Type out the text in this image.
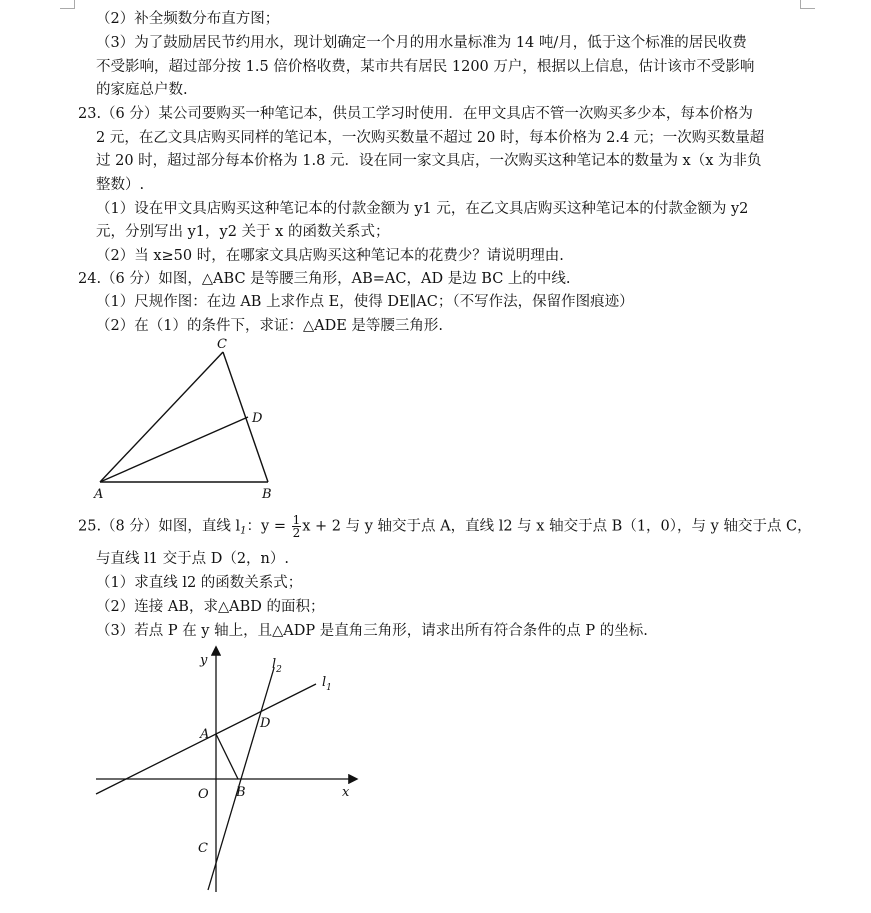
（2）补全频数分布直方图；
（3）为了鼓励居民节约用水，现计划确定一个月的用水量标准为 14 吨/月，低于这个标准的居民收费
不受影响，超过部分按 1.5 倍价格收费，某市共有居民 1200 万户，根据以上信息，估计该市不受影响
的家庭总户数.
23.（6 分）某公司要购买一种笔记本，供员工学习时使用．在甲文具店不管一次购买多少本，每本价格为
2 元，在乙文具店购买同样的笔记本，一次购买数量不超过 20 时，每本价格为 2.4 元；一次购买数量超
过 20 时，超过部分每本价格为 1.8 元．设在同一家文具店，一次购买这种笔记本的数量为 x（x 为非负
整数）.
（1）设在甲文具店购买这种笔记本的付款金额为 y1 元，在乙文具店购买这种笔记本的付款金额为 y2
元，分别写出 y1，y2 关于 x 的函数关系式；
（2）当 x≥50 时，在哪家文具店购买这种笔记本的花费少？请说明理由.
24.（6 分）如图，△ABC 是等腰三角形，AB=AC，AD 是边 BC 上的中线.
（1）尺规作图：在边 AB 上求作点 E，使得 DE∥AC；（不写作法，保留作图痕迹）
（2）在（1）的条件下，求证：△ADE 是等腰三角形.
C
D
A	B
25.（8 分）如图，直线 $l_1$：$y = \frac{1}{2}$ x + 2 与 y 轴交于点 A，直线 l2 与 x 轴交于点 B（1，0），与 y 轴交于点 C，
与直线 l1 交于点 D（2，n）.
（1）求直线 l2 的函数关系式；
（2）连接 AB，求△ABD 的面积；
（3）若点 P 在 y 轴上，且△ADP 是直角三角形，请求出所有符合条件的点 P 的坐标.
y
x
O
A
B
C
D
$l_2$
$l_1$
